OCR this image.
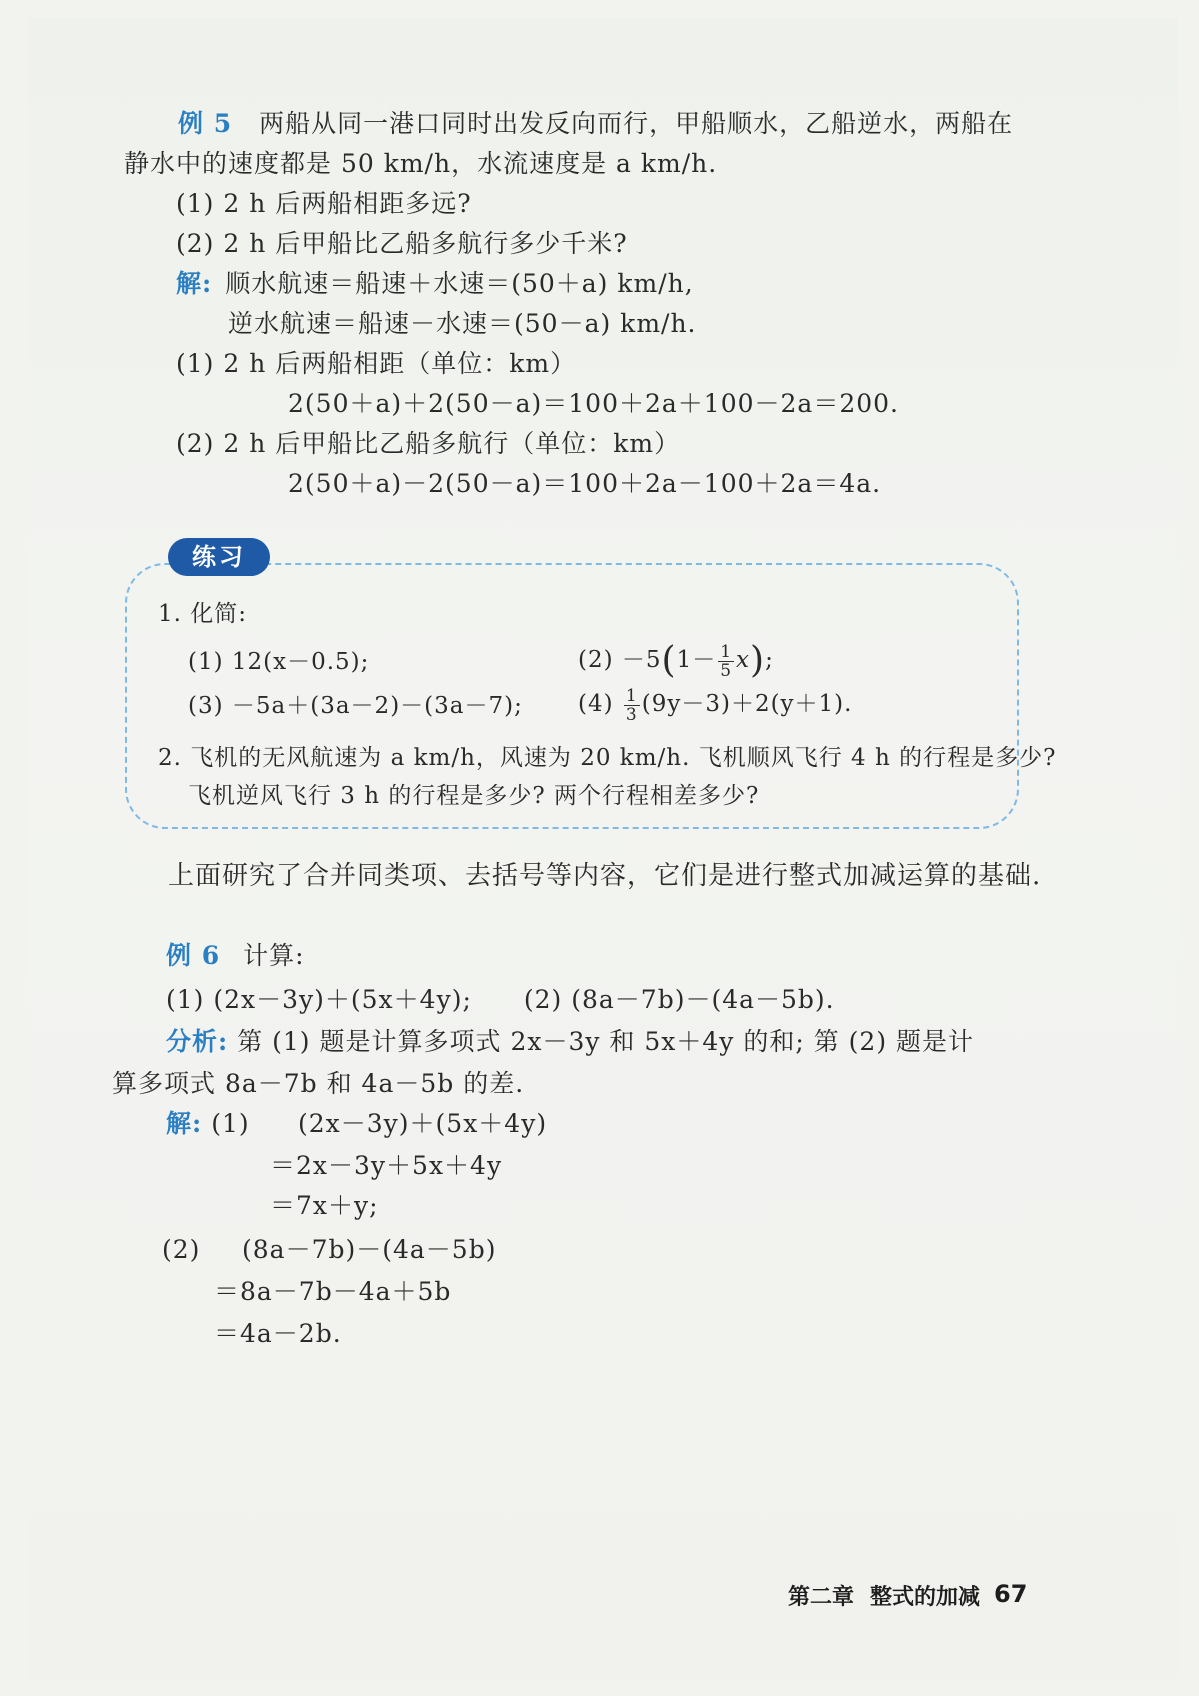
例 5 两船从同一港口同时出发反向而行，甲船顺水，乙船逆水，两船在
静水中的速度都是 50 km/h，水流速度是 a km/h.
(1) 2 h 后两船相距多远?
(2) 2 h 后甲船比乙船多航行多少千米?
解: 顺水航速＝船速＋水速＝(50＋a) km/h,
逆水航速＝船速－水速＝(50－a) km/h.
(1) 2 h 后两船相距（单位：km）
2(50＋a)＋2(50－a)＝100＋2a＋100－2a＝200.
(2) 2 h 后甲船比乙船多航行（单位：km）
2(50＋a)－2(50－a)＝100＋2a－100＋2a＝4a.
练习
1. 化简:
(1) 12(x－0.5);	$(2) -5(1- \frac{1}{5} x)$;
(3) －5a＋(3a－2)－(3a－7); $(4) \frac{1}{3} (9y-3)+2(y+1)$.
2. 飞机的无风航速为 a km/h，风速为 20 km/h. 飞机顺风飞行 4 h 的行程是多少?
飞机逆风飞行 3 h 的行程是多少? 两个行程相差多少?
上面研究了合并同类项、去括号等内容，它们是进行整式加减运算的基础.
例 6 计算:
(1) (2x－3y)＋(5x＋4y);　　(2) (8a－7b)－(4a－5b).
分析: 第 (1) 题是计算多项式 2x－3y 和 5x＋4y 的和; 第 (2) 题是计
算多项式 8a－7b 和 4a－5b 的差.
解: (1) (2x－3y)＋(5x＋4y)
＝2x－3y＋5x＋4y
＝7x＋y;
(2) (8a－7b)－(4a－5b)
＝8a－7b－4a＋5b
＝4a－2b.
第二章 整式的加减 67
